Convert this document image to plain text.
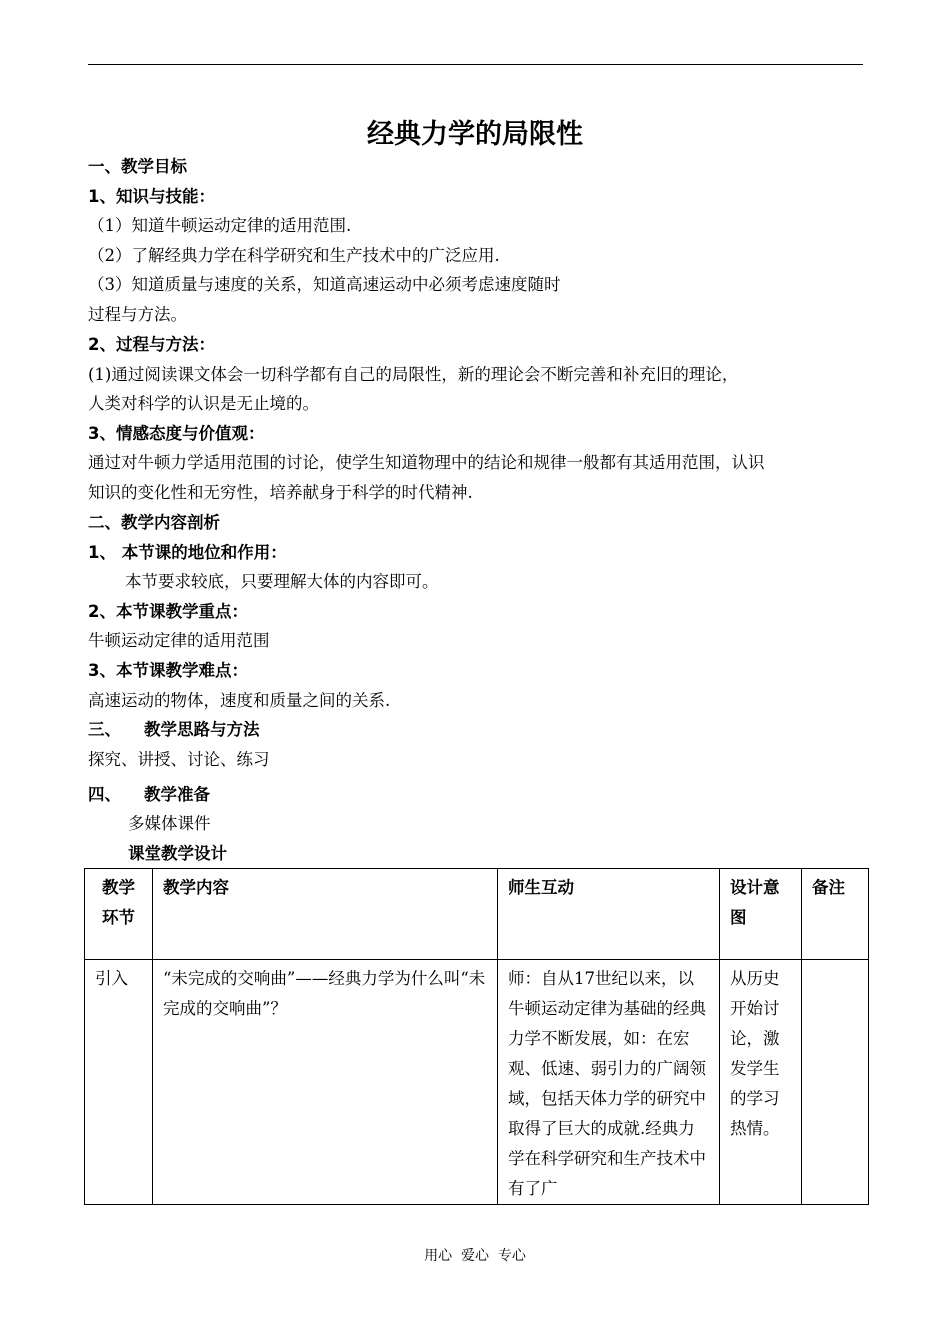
经典力学的局限性
一、教学目标
1、知识与技能：
（1）知道牛顿运动定律的适用范围.
（2）了解经典力学在科学研究和生产技术中的广泛应用.
（3）知道质量与速度的关系，知道高速运动中必须考虑速度随时
过程与方法。
2、过程与方法：
(1)通过阅读课文体会一切科学都有自己的局限性，新的理论会不断完善和补充旧的理论，
人类对科学的认识是无止境的。
3、情感态度与价值观：
通过对牛顿力学适用范围的讨论，使学生知道物理中的结论和规律一般都有其适用范围，认识
知识的变化性和无穷性，培养献身于科学的时代精神.
二、教学内容剖析
1、 本节课的地位和作用：
本节要求较底，只要理解大体的内容即可。
2、本节课教学重点：
牛顿运动定律的适用范围
3、本节课教学难点：
高速运动的物体，速度和质量之间的关系.
三、    教学思路与方法
探究、讲授、讨论、练习
四、    教学准备
多媒体课件
课堂教学设计
教学环节	教学内容	师生互动	设计意图	备注
引入	“未完成的交响曲”——经典力学为什么叫“未完成的交响曲”？	师：自从17世纪以来，以牛顿运动定律为基础的经典力学不断发展，如：在宏观、低速、弱引力的广阔领域，包括天体力学的研究中取得了巨大的成就.经典力学在科学研究和生产技术中有了广	从历史开始讨论，激发学生的学习热情。	
用心  爱心  专心
